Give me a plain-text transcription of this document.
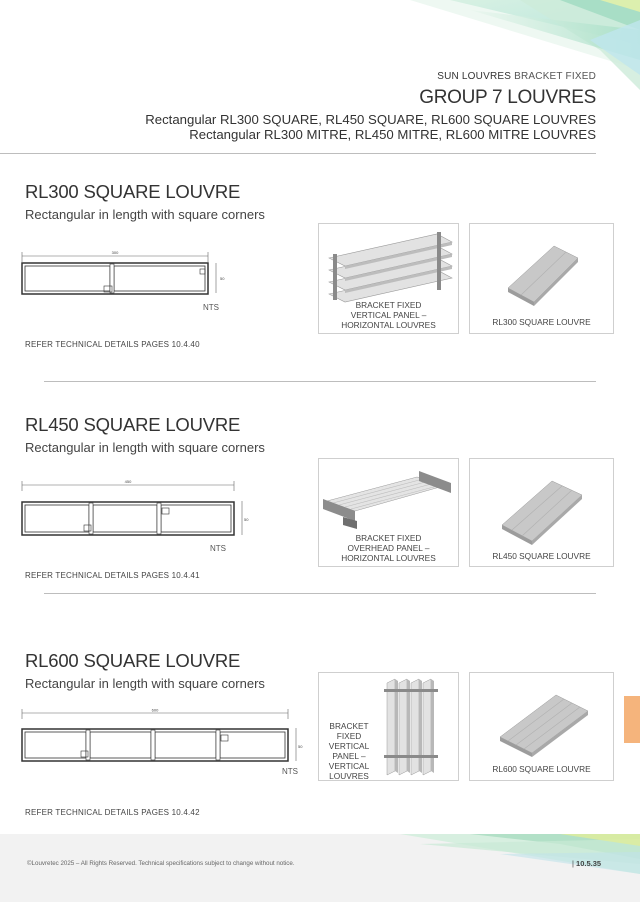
SUN LOUVRES BRACKET FIXED
GROUP 7 LOUVRES
Rectangular RL300 SQUARE, RL450 SQUARE, RL600 SQUARE LOUVRES
Rectangular RL300 MITRE, RL450 MITRE, RL600 MITRE LOUVRES
RL300 SQUARE LOUVRE
Rectangular in length with square corners
300
50
NTS
REFER TECHNICAL DETAILS PAGES 10.4.40
BRACKET FIXED
VERTICAL PANEL –
HORIZONTAL LOUVRES	RL300 SQUARE LOUVRE
RL450 SQUARE LOUVRE
Rectangular in length with square corners
450
50
NTS
REFER TECHNICAL DETAILS PAGES 10.4.41
BRACKET FIXED
OVERHEAD PANEL –
HORIZONTAL LOUVRES	RL450 SQUARE LOUVRE
RL600 SQUARE LOUVRE
Rectangular in length with square corners
600
50
NTS
REFER TECHNICAL DETAILS PAGES 10.4.42
BRACKET
FIXED
VERTICAL
PANEL –
VERTICAL
LOUVRES
RL600 SQUARE LOUVRE
©Louvretec 2025 – All Rights Reserved. Technical specifications subject to change without notice.	| 10.5.35
